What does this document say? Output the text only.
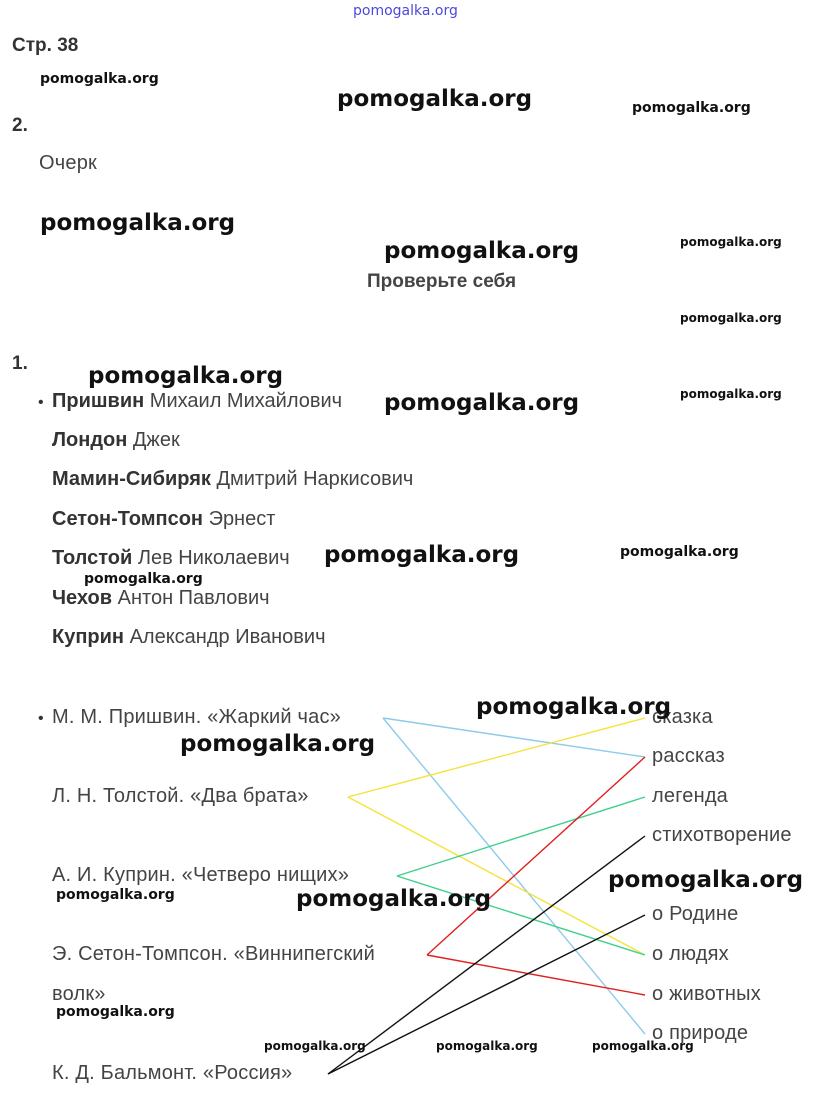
pomogalka.org
Стр. 38
2.
Очерк
Проверьте себя
1.
• Пришвин Михаил Михайлович
Лондон Джек
Мамин-Сибиряк Дмитрий Наркисович
Сетон-Томпсон Эрнест
Толстой Лев Николаевич
Чехов Антон Павлович
Куприн Александр Иванович
• М. М. Пришвин. «Жаркий час»
Л. Н. Толстой. «Два брата»
А. И. Куприн. «Четверо нищих»
Э. Сетон-Томпсон. «Виннипегский
волк»
К. Д. Бальмонт. «Россия»
сказка
рассказ
легенда
стихотворение
о Родине
о людях
о животных
о природе
pomogalka.org
pomogalka.org	pomogalka.org
pomogalka.org
pomogalka.org	pomogalka.org
pomogalka.org
pomogalka.org
pomogalka.org	pomogalka.org
pomogalka.org	pomogalka.org
pomogalka.org
pomogalka.org
pomogalka.org
pomogalka.org
pomogalka.org	pomogalka.org
pomogalka.org
pomogalka.org	pomogalka.org	pomogalka.org
